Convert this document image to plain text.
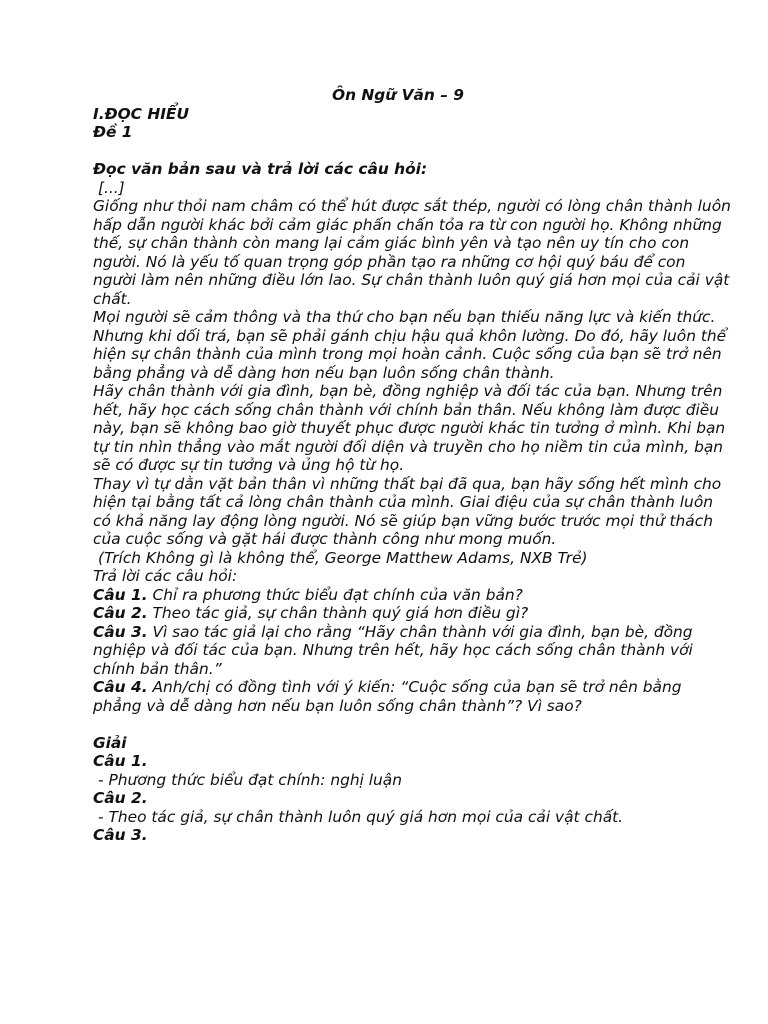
Ôn Ngữ Văn – 9

I.ĐỌC HIỂU

Đề 1

Đọc văn bản sau và trả lời các câu hỏi:

[...]

Giống như thỏi nam châm có thể hút được sắt thép, người có lòng chân thành luôn hấp dẫn người khác bởi cảm giác phấn chấn tỏa ra từ con người họ. Không những thế, sự chân thành còn mang lại cảm giác bình yên và tạo nên uy tín cho con người. Nó là yếu tố quan trọng góp phần tạo ra những cơ hội quý báu để con người làm nên những điều lớn lao. Sự chân thành luôn quý giá hơn mọi của cải vật chất.

Mọi người sẽ cảm thông và tha thứ cho bạn nếu bạn thiếu năng lực và kiến thức. Nhưng khi dối trá, bạn sẽ phải gánh chịu hậu quả khôn lường. Do đó, hãy luôn thể hiện sự chân thành của mình trong mọi hoàn cảnh. Cuộc sống của bạn sẽ trở nên bằng phẳng và dễ dàng hơn nếu bạn luôn sống chân thành.

Hãy chân thành với gia đình, bạn bè, đồng nghiệp và đối tác của bạn. Nhưng trên hết, hãy học cách sống chân thành với chính bản thân. Nếu không làm được điều này, bạn sẽ không bao giờ thuyết phục được người khác tin tưởng ở mình. Khi bạn tự tin nhìn thẳng vào mắt người đối diện và truyền cho họ niềm tin của mình, bạn sẽ có được sự tin tưởng và ủng hộ từ họ.

Thay vì tự dằn vặt bản thân vì những thất bại đã qua, bạn hãy sống hết mình cho hiện tại bằng tất cả lòng chân thành của mình. Giai điệu của sự chân thành luôn có khả năng lay động lòng người. Nó sẽ giúp bạn vững bước trước mọi thử thách của cuộc sống và gặt hái được thành công như mong muốn.

(Trích Không gì là không thể, George Matthew Adams, NXB Trẻ)

Trả lời các câu hỏi:

Câu 1. Chỉ ra phương thức biểu đạt chính của văn bản?

Câu 2. Theo tác giả, sự chân thành quý giá hơn điều gì?

Câu 3. Vì sao tác giả lại cho rằng “Hãy chân thành với gia đình, bạn bè, đồng nghiệp và đối tác của bạn. Nhưng trên hết, hãy học cách sống chân thành với chính bản thân.”

Câu 4. Anh/chị có đồng tình với ý kiến: “Cuộc sống của bạn sẽ trở nên bằng phẳng và dễ dàng hơn nếu bạn luôn sống chân thành”? Vì sao?

Giải

Câu 1.

- Phương thức biểu đạt chính: nghị luận

Câu 2.

- Theo tác giả, sự chân thành luôn quý giá hơn mọi của cải vật chất.

Câu 3.
